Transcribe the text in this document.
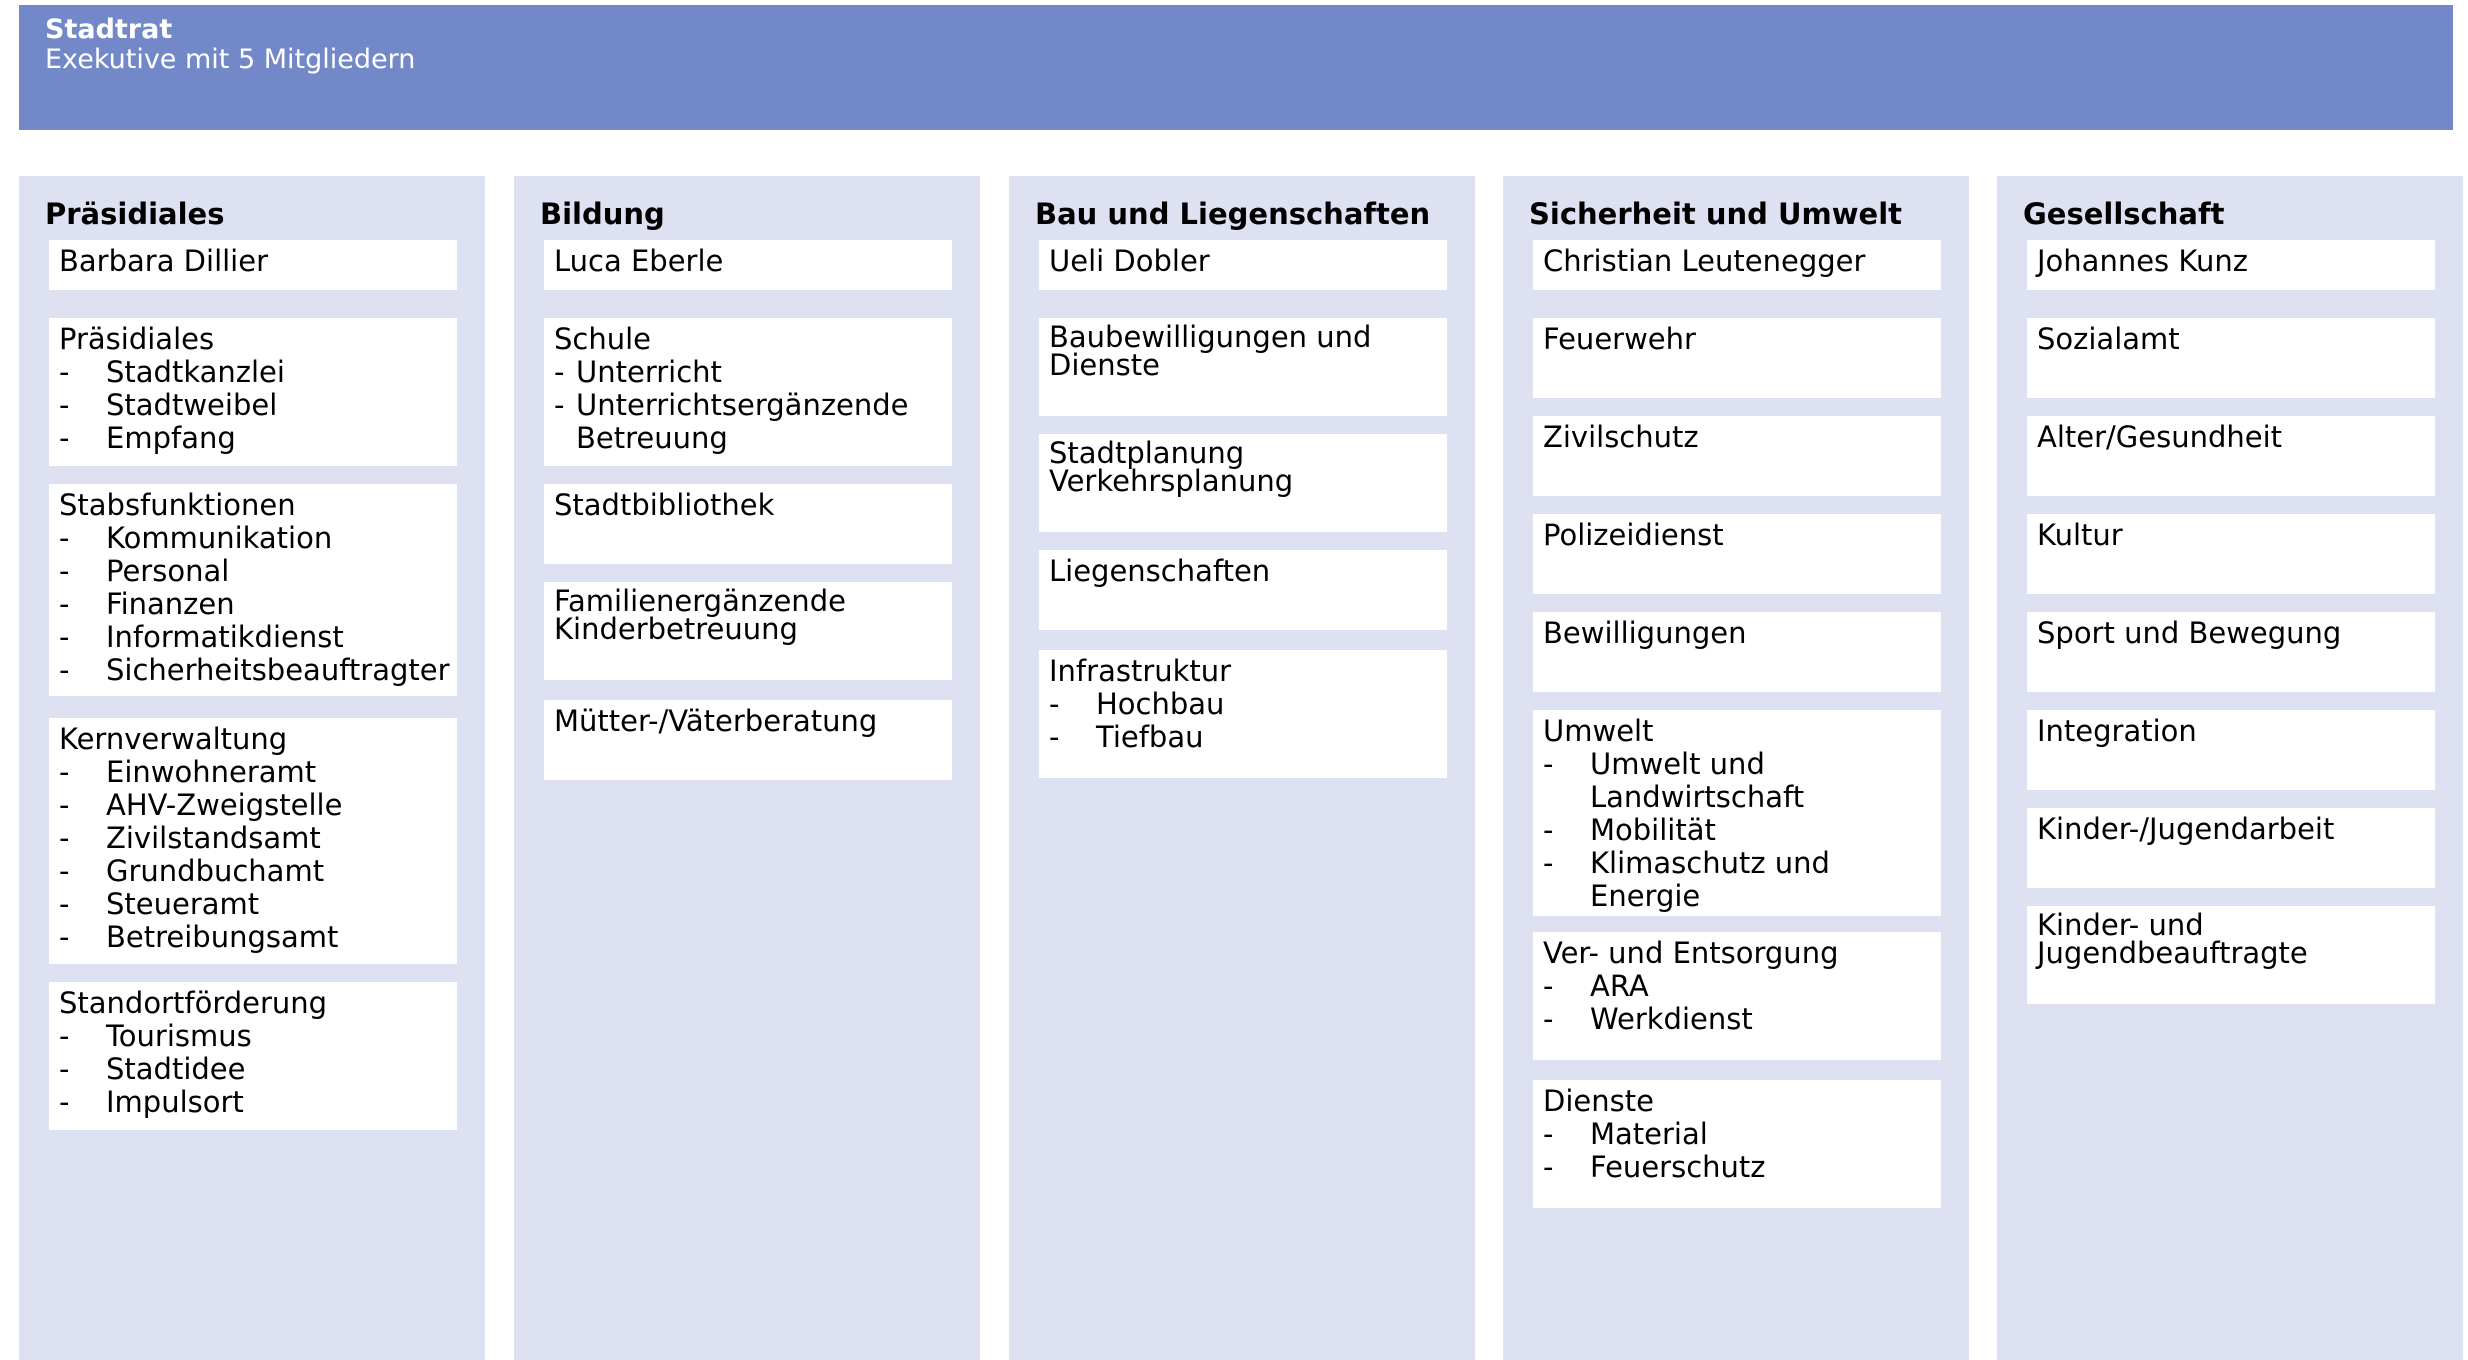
Stadtrat
Exekutive mit 5 Mitgliedern
Präsidiales
Barbara Dillier
Präsidiales
- Stadtkanzlei
- Stadtweibel
- Empfang
Stabsfunktionen
- Kommunikation
- Personal
- Finanzen
- Informatikdienst
- Sicherheitsbeauftragter
Kernverwaltung
- Einwohneramt
- AHV-Zweigstelle
- Zivilstandsamt
- Grundbuchamt
- Steueramt
- Betreibungsamt
Standortförderung
- Tourismus
- Stadtidee
- Impulsort
Bildung
Luca Eberle
Schule
- Unterricht
- Unterrichtsergänzende Betreuung
Stadtbibliothek
Familienergänzende Kinderbetreuung
Mütter-/Väterberatung
Bau und Liegenschaften
Ueli Dobler
Baubewilligungen und Dienste
Stadtplanung Verkehrsplanung
Liegenschaften
Infrastruktur
- Hochbau
- Tiefbau
Sicherheit und Umwelt
Christian Leutenegger
Feuerwehr
Zivilschutz
Polizeidienst
Bewilligungen
Umwelt
- Umwelt und Landwirtschaft
- Mobilität
- Klimaschutz und Energie
Ver- und Entsorgung
- ARA
- Werkdienst
Dienste
- Material
- Feuerschutz
Gesellschaft
Johannes Kunz
Sozialamt
Alter/Gesundheit
Kultur
Sport und Bewegung
Integration
Kinder-/Jugendarbeit
Kinder- und Jugendbeauftragte
